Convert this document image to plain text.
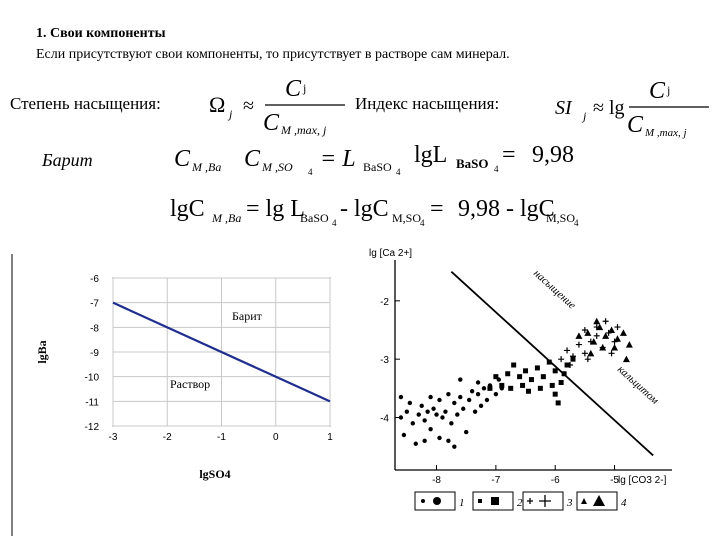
1. Свои компоненты
Если присутствуют свои компоненты, то присутствует в растворе сам минерал.
Степень насыщения:	Индекс насыщения:
Барит
Ω j ≈
C j
C M ,max, j
SI j ≈ lg
C j
C M ,max, j
C M ,Ba C M ,SO 4 = L BaSO 4
lgL BaSO 4
= 9,98
lgC M ,Ba = lg L
BaSO 4
- lgC M,SO
4
= 9,98 - lgC
M,SO
4
-3	-2	-1	0	1
-6
-7
-8
-9
-10
-11
-12
lgSO4
lgBa
Барит
Раствор
-8	-7	-6	-5
-2
-3
-4
lg [Ca 2+]
lg [CO3 2-]
насыщение
кальцитом
1	2	3	4
